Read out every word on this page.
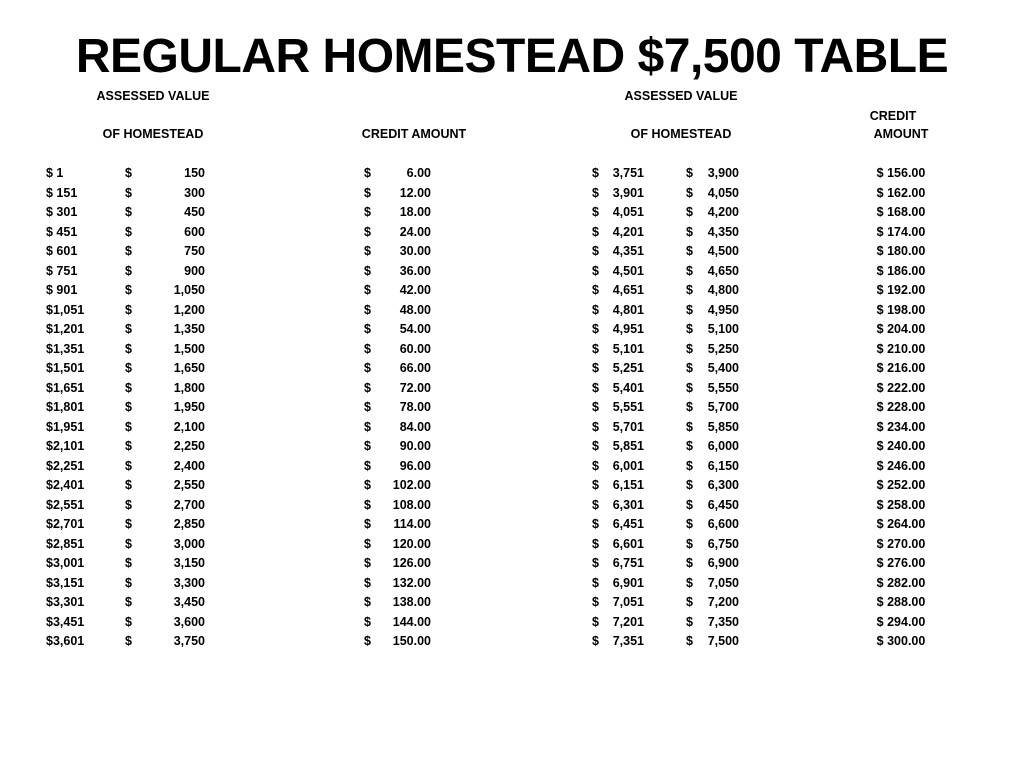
REGULAR HOMESTEAD $7,500 TABLE
ASSESSED VALUE
OF HOMESTEAD	CREDIT AMOUNT
ASSESSED VALUE
OF HOMESTEAD
CREDIT
AMOUNT
$ 1	$	150	$	6.00	$ 3,751	$ 3,900	$ 156.00
$ 151	$	300	$ 12.00	$ 3,901	$ 4,050	$ 162.00
$ 301	$	450	$ 18.00	$ 4,051	$ 4,200	$ 168.00
$ 451	$	600	$ 24.00	$ 4,201	$ 4,350	$ 174.00
$ 601	$	750	$ 30.00	$ 4,351	$ 4,500	$ 180.00
$ 751	$	900	$ 36.00	$ 4,501	$ 4,650	$ 186.00
$ 901	$	1,050	$ 42.00	$ 4,651	$ 4,800	$ 192.00
$1,051	$	1,200	$ 48.00	$ 4,801	$ 4,950	$ 198.00
$1,201	$	1,350	$ 54.00	$ 4,951	$ 5,100	$ 204.00
$1,351	$	1,500	$ 60.00	$ 5,101	$ 5,250	$ 210.00
$1,501	$	1,650	$ 66.00	$ 5,251	$ 5,400	$ 216.00
$1,651	$	1,800	$ 72.00	$ 5,401	$ 5,550	$ 222.00
$1,801	$	1,950	$ 78.00	$ 5,551	$ 5,700	$ 228.00
$1,951	$	2,100	$ 84.00	$ 5,701	$ 5,850	$ 234.00
$2,101	$	2,250	$ 90.00	$ 5,851	$ 6,000	$ 240.00
$2,251	$	2,400	$ 96.00	$ 6,001	$ 6,150	$ 246.00
$2,401	$	2,550	$ 102.00	$ 6,151	$ 6,300	$ 252.00
$2,551	$	2,700	$ 108.00	$ 6,301	$ 6,450	$ 258.00
$2,701	$	2,850	$ 114.00	$ 6,451	$ 6,600	$ 264.00
$2,851	$	3,000	$ 120.00	$ 6,601	$ 6,750	$ 270.00
$3,001	$	3,150	$ 126.00	$ 6,751	$ 6,900	$ 276.00
$3,151	$	3,300	$ 132.00	$ 6,901	$ 7,050	$ 282.00
$3,301	$	3,450	$ 138.00	$ 7,051	$ 7,200	$ 288.00
$3,451	$	3,600	$ 144.00	$ 7,201	$ 7,350	$ 294.00
$3,601	$	3,750	$ 150.00	$ 7,351	$ 7,500	$ 300.00
